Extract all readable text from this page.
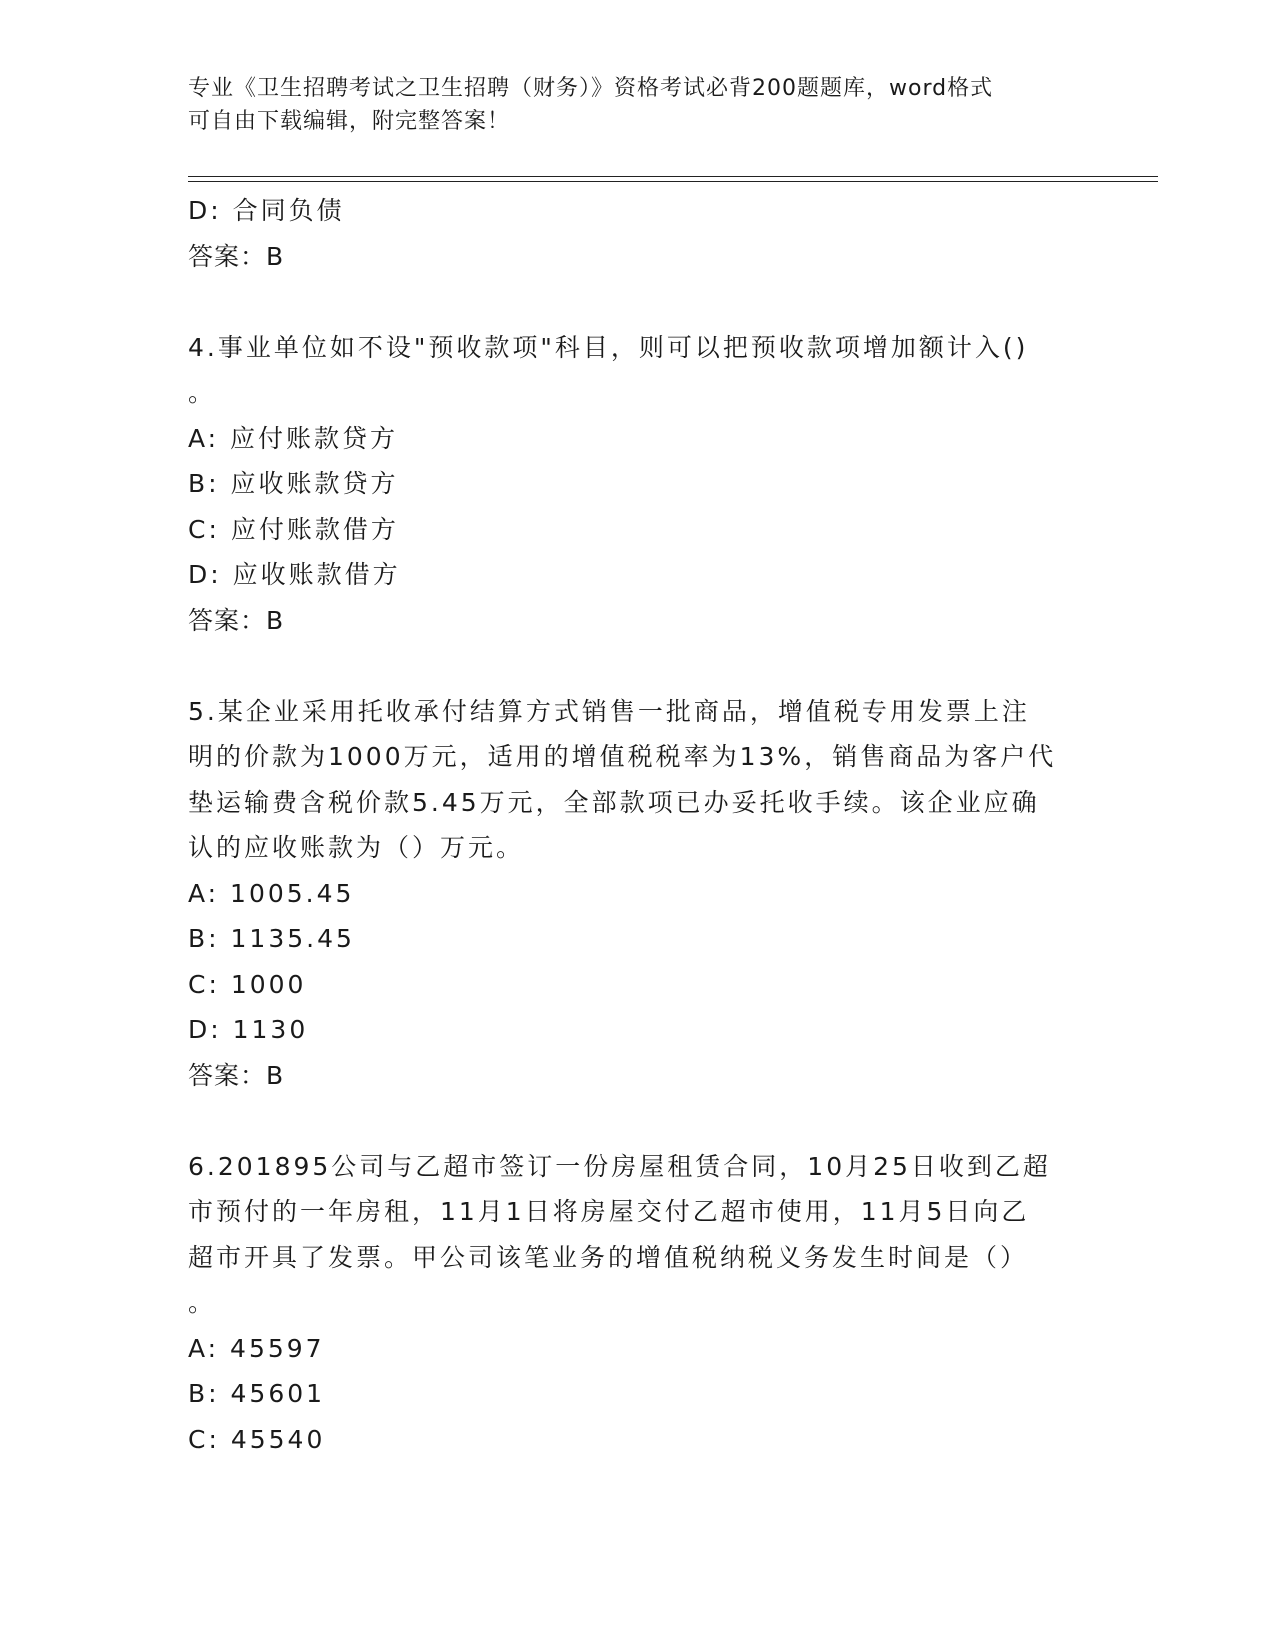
专业《卫生招聘考试之卫生招聘（财务）》资格考试必背200题题库，word格式
可自由下载编辑，附完整答案！
D: 合同负债
答案：B
4.事业单位如不设"预收款项"科目，则可以把预收款项增加额计入()
。
A: 应付账款贷方
B: 应收账款贷方
C: 应付账款借方
D: 应收账款借方
答案：B
5.某企业采用托收承付结算方式销售一批商品，增值税专用发票上注
明的价款为1000万元，适用的增值税税率为13%，销售商品为客户代
垫运输费含税价款5.45万元，全部款项已办妥托收手续。该企业应确
认的应收账款为（）万元。
A: 1005.45
B: 1135.45
C: 1000
D: 1130
答案：B
6.201895公司与乙超市签订一份房屋租赁合同，10月25日收到乙超
市预付的一年房租，11月1日将房屋交付乙超市使用，11月5日向乙
超市开具了发票。甲公司该笔业务的增值税纳税义务发生时间是（）
。
A: 45597
B: 45601
C: 45540
